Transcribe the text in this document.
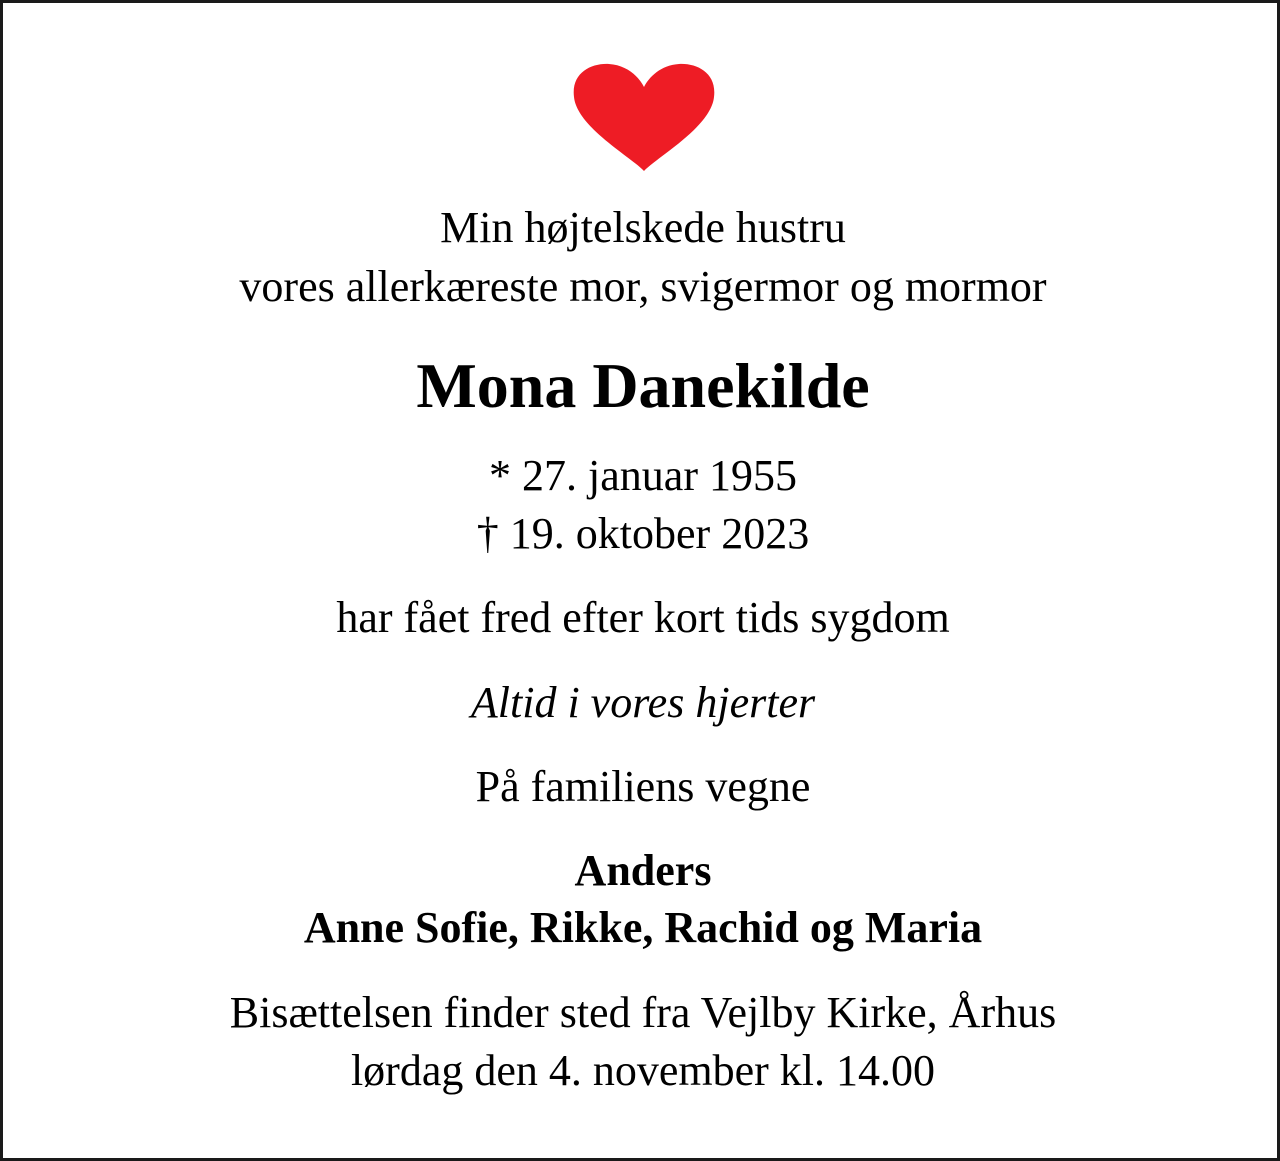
Min højtelskede hustru

vores allerkæreste mor, svigermor og mormor

Mona Danekilde

* 27. januar 1955

† 19. oktober 2023

har fået fred efter kort tids sygdom

Altid i vores hjerter

På familiens vegne

Anders

Anne Sofie, Rikke, Rachid og Maria

Bisættelsen finder sted fra Vejlby Kirke, Århus

lørdag den 4. november kl. 14.00
